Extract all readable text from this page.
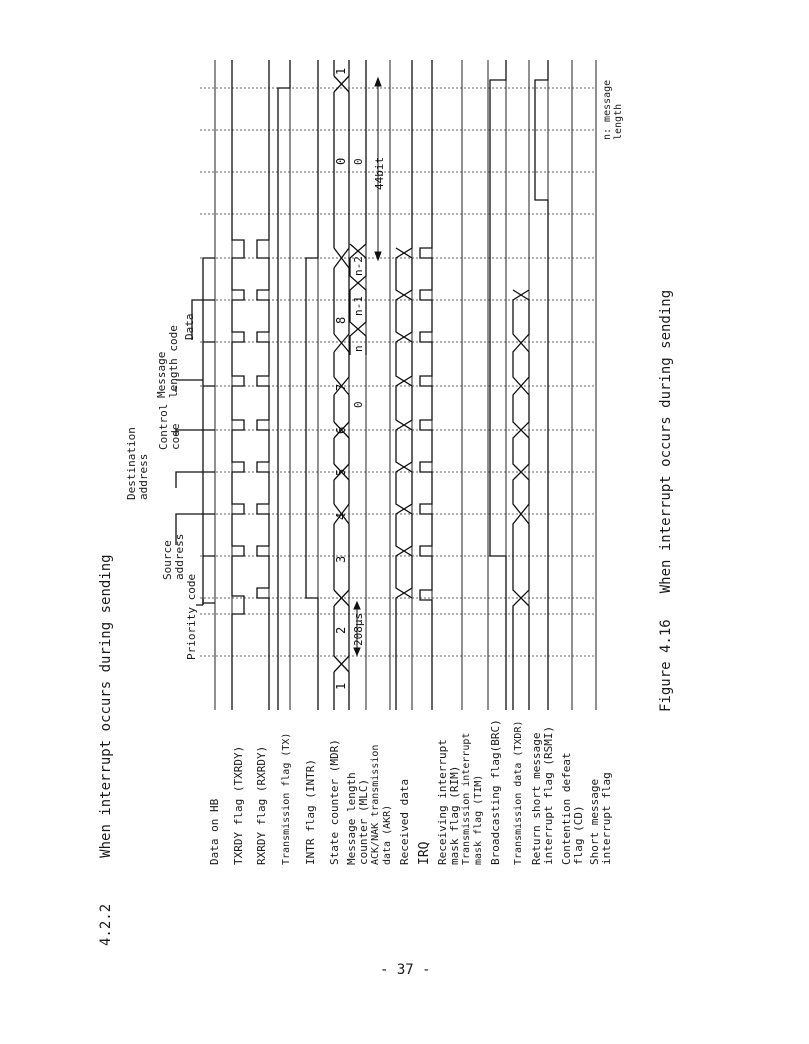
4.2.2When interrupt occurs during sending	Data on HB TXRDY flag (TXRDY) RXRDY flag (RXRDY) Transmission flag (TX) INTR flag (INTR) State counter (MDR) Message length
counter (MLC)
ACK/NAK transmission
data (AKR) Received data IRQ Receiving interrupt
mask flag (RIM)
Transmission interrupt
mask flag (TIM) Broadcasting flag(BRC) Transmission data (TXDR) Return short message
interrupt flag (RSMI)
Contention defeat
flag (CD)
Short message
interrupt flag
Priority code
Source
address
Destination
address
Control
code
Message
length code Data
n: message
length
Figure 4.16When interrupt occurs during sending
- 37 -
1
2
3
4
5
6
7
8
0
1
0
n
n-1
n-2
0
208μs
44bit
